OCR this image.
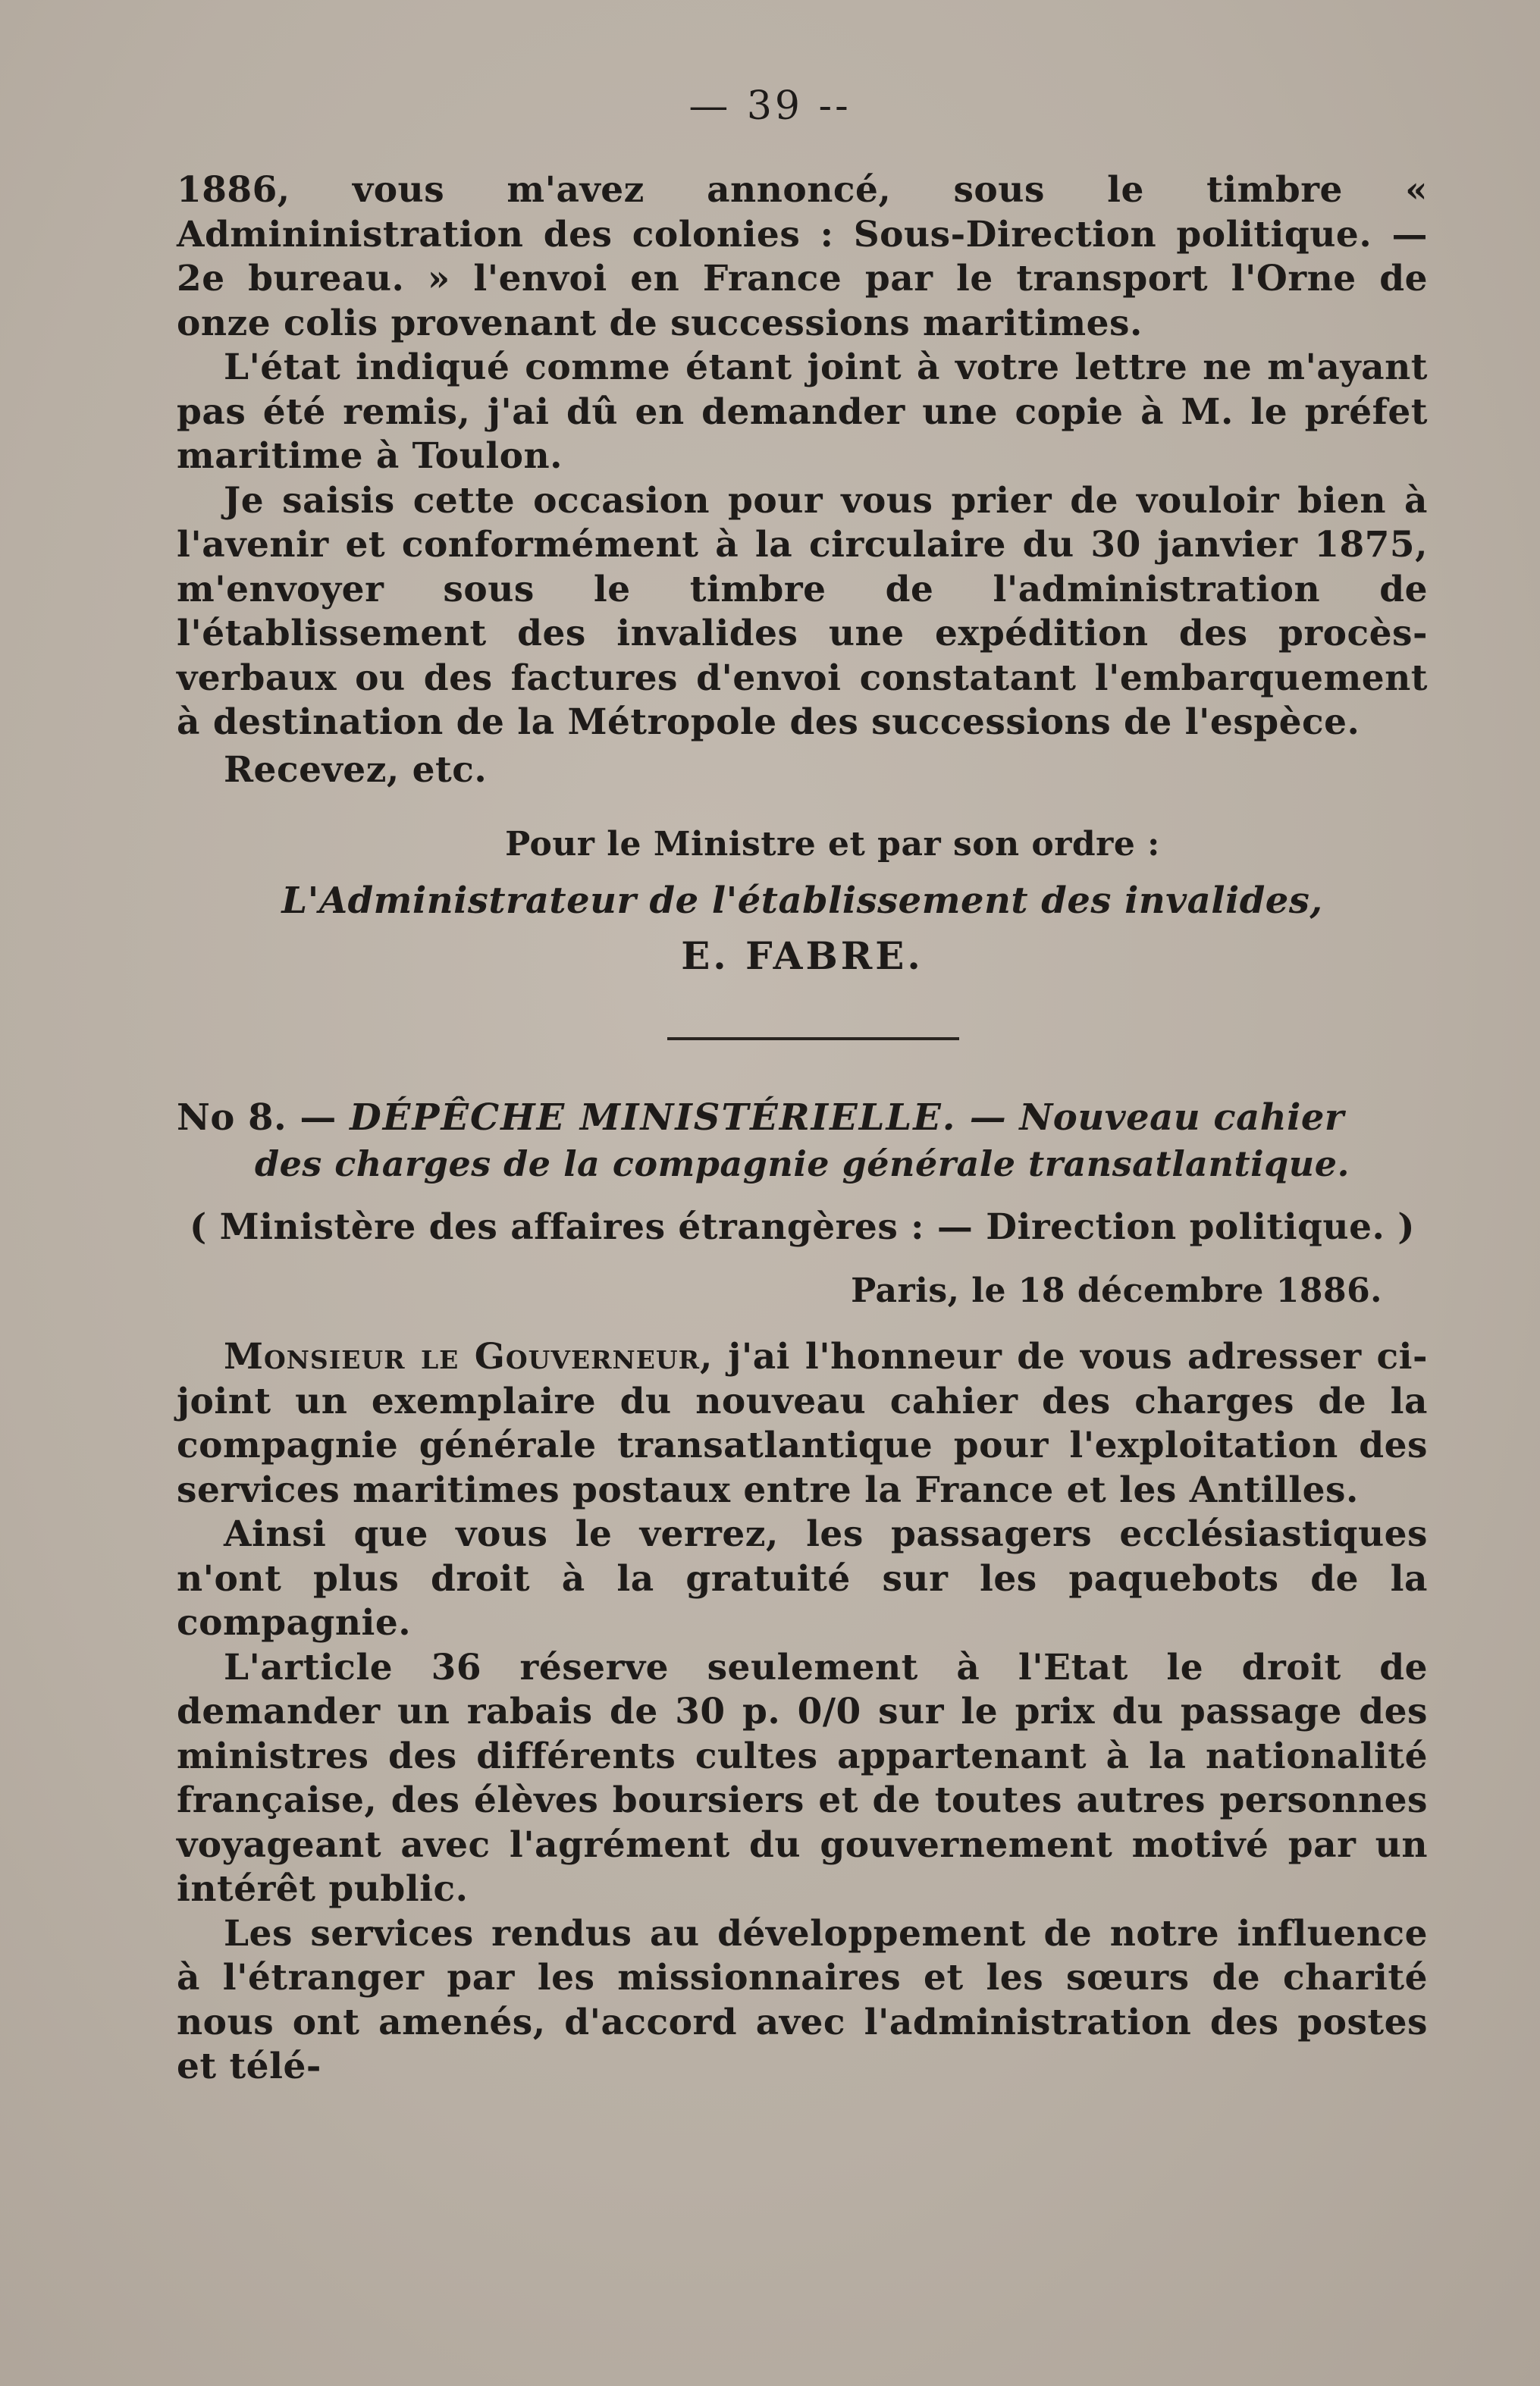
— 39 --

1886, vous m'avez annoncé, sous le timbre « Admininistration des colonies : Sous-Direction politique. — 2e bureau. » l'envoi en France par le transport l'Orne de onze colis provenant de successions maritimes.

L'état indiqué comme étant joint à votre lettre ne m'ayant pas été remis, j'ai dû en demander une copie à M. le préfet maritime à Toulon.

Je saisis cette occasion pour vous prier de vouloir bien à l'avenir et conformément à la circulaire du 30 janvier 1875, m'envoyer sous le timbre de l'administration de l'établissement des invalides une expédition des procès-verbaux ou des factures d'envoi constatant l'embarquement à destination de la Métropole des successions de l'espèce.

Recevez, etc.

Pour le Ministre et par son ordre :

L'Administrateur de l'établissement des invalides,

E. FABRE.

No 8. — DÉPÊCHE MINISTÉRIELLE. — Nouveau cahier

des charges de la compagnie générale transatlantique.

( Ministère des affaires étrangères : — Direction politique. )

Paris, le 18 décembre 1886.

Monsieur le Gouverneur, j'ai l'honneur de vous adresser ci-joint un exemplaire du nouveau cahier des charges de la compagnie générale transatlantique pour l'exploitation des services maritimes postaux entre la France et les Antilles.

Ainsi que vous le verrez, les passagers ecclésiastiques n'ont plus droit à la gratuité sur les paquebots de la compagnie.

L'article 36 réserve seulement à l'Etat le droit de demander un rabais de 30 p. 0/0 sur le prix du passage des ministres des différents cultes appartenant à la nationalité française, des élèves boursiers et de toutes autres personnes voyageant avec l'agrément du gouvernement motivé par un intérêt public.

Les services rendus au développement de notre influence à l'étranger par les missionnaires et les sœurs de charité nous ont amenés, d'accord avec l'administration des postes et télé-
